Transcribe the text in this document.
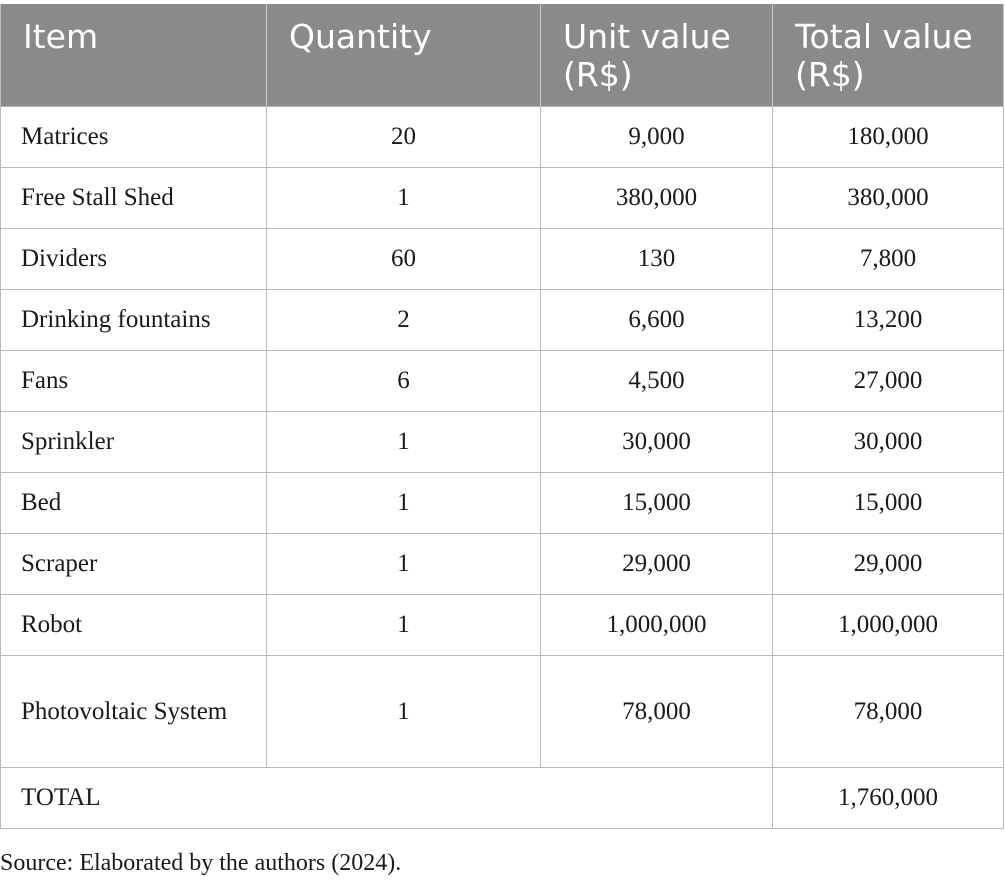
Item	Quantity	Unit value (R$)	Total value (R$)
Matrices	20	9,000	180,000
Free Stall Shed	1	380,000	380,000
Dividers	60	130	7,800
Drinking fountains	2	6,600	13,200
Fans	6	4,500	27,000
Sprinkler	1	30,000	30,000
Bed	1	15,000	15,000
Scraper	1	29,000	29,000
Robot	1	1,000,000	1,000,000
Photovoltaic System	1	78,000	78,000
TOTAL			1,760,000
Source: Elaborated by the authors (2024).
